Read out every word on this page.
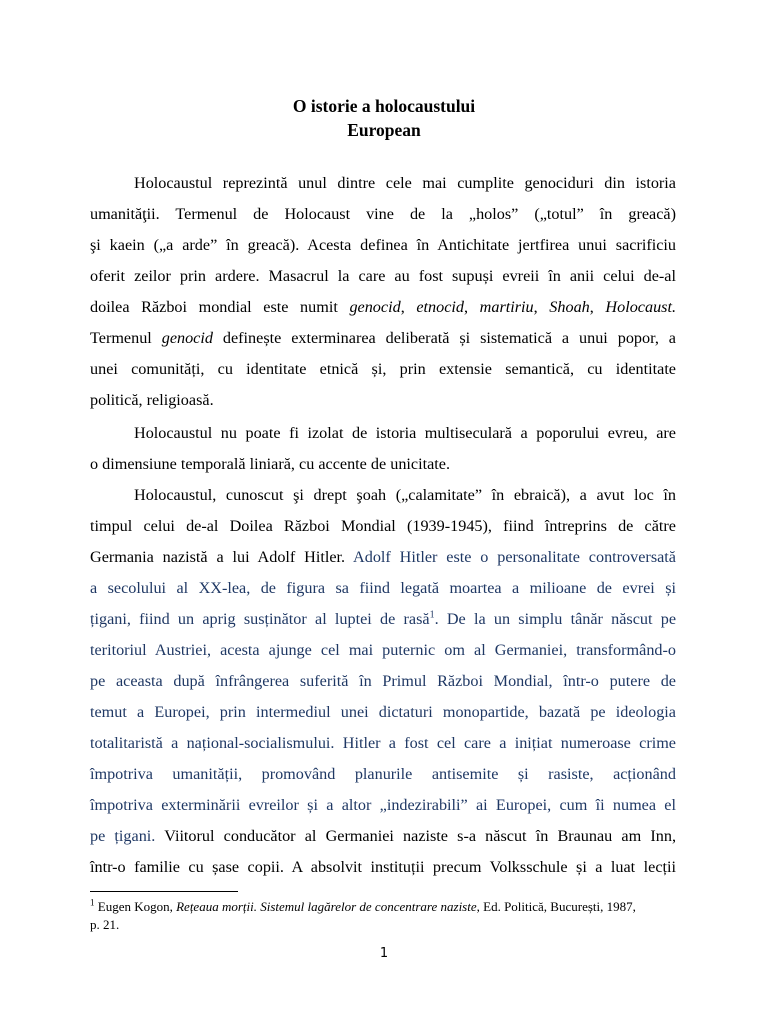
O istorie a holocaustului
European
Holocaustul reprezintă unul dintre cele mai cumplite genociduri din istoria
umanităţii. Termenul de Holocaust vine de la „holos” („totul” în greacă)
şi kaein („a arde” în greacă). Acesta definea în Antichitate jertfirea unui sacrificiu
oferit zeilor prin ardere. Masacrul la care au fost supuși evreii în anii celui de-al
doilea Război mondial este numit genocid, etnocid, martiriu, Shoah, Holocaust.
Termenul genocid definește exterminarea deliberată și sistematică a unui popor, a
unei comunități, cu identitate etnică și, prin extensie semantică, cu identitate
politică, religioasă.
Holocaustul nu poate fi izolat de istoria multiseculară a poporului evreu, are
o dimensiune temporală liniară, cu accente de unicitate.
Holocaustul, cunoscut şi drept şoah („calamitate” în ebraică), a avut loc în
timpul celui de-al Doilea Război Mondial (1939-1945), fiind întreprins de către
Germania nazistă a lui Adolf Hitler. Adolf Hitler este o personalitate controversată
a secolului al XX-lea, de figura sa fiind legată moartea a milioane de evrei și
țigani, fiind un aprig susținător al luptei de rasă$^1$. De la un simplu tânăr născut pe
teritoriul Austriei, acesta ajunge cel mai puternic om al Germaniei, transformând-o
pe aceasta după înfrângerea suferită în Primul Război Mondial, într-o putere de
temut a Europei, prin intermediul unei dictaturi monopartide, bazată pe ideologia
totalitaristă a național-socialismului. Hitler a fost cel care a inițiat numeroase crime
împotriva umanității, promovând planurile antisemite și rasiste, acționând
împotriva exterminării evreilor și a altor „indezirabili” ai Europei, cum îi numea el
pe țigani. Viitorul conducător al Germaniei naziste s-a născut în Braunau am Inn,
într-o familie cu șase copii. A absolvit instituții precum Volksschule și a luat lecții
$^1$ Eugen Kogon, Rețeaua morții. Sistemul lagărelor de concentrare naziste, Ed. Politică, București, 1987,
p. 21.
1
